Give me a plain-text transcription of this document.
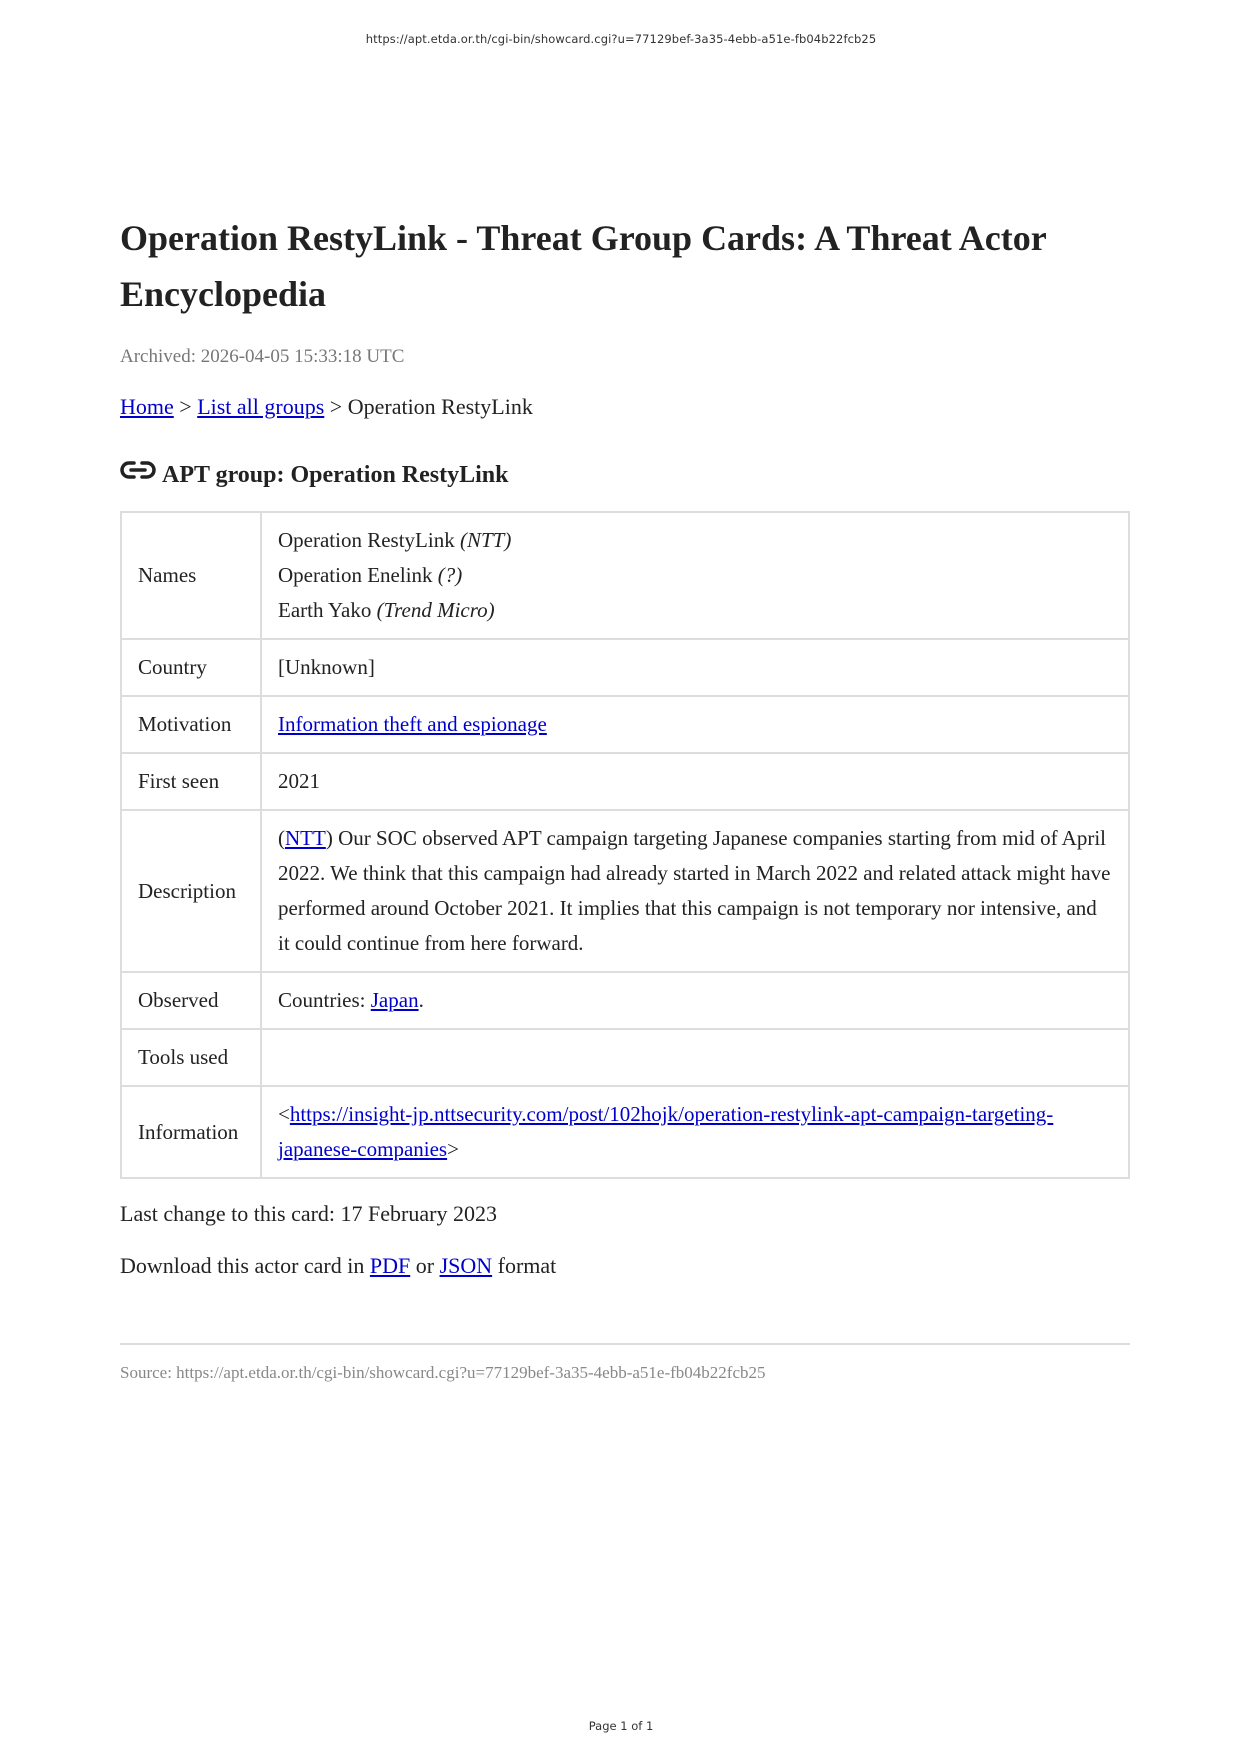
https://apt.etda.or.th/cgi-bin/showcard.cgi?u=77129bef-3a35-4ebb-a51e-fb04b22fcb25
Operation RestyLink - Threat Group Cards: A Threat Actor Encyclopedia
Archived: 2026-04-05 15:33:18 UTC
Home > List all groups > Operation RestyLink
APT group: Operation RestyLink
Names	Operation RestyLink (NTT)
Operation Enelink (?)
Earth Yako (Trend Micro)

Country	[Unknown]
Motivation	Information theft and espionage
First seen	2021
Description	(NTT) Our SOC observed APT campaign targeting Japanese companies starting from mid of April 2022. We think that this campaign had already started in March 2022 and related attack might have performed around October 2021. It implies that this campaign is not temporary nor intensive, and it could continue from here forward.
Observed	Countries: Japan.
Tools used	
Information	<https://insight-jp.nttsecurity.com/post/102hojk/operation-restylink-apt-campaign-targeting-japanese-companies>
Last change to this card: 17 February 2023
Download this actor card in PDF or JSON format
Source: https://apt.etda.or.th/cgi-bin/showcard.cgi?u=77129bef-3a35-4ebb-a51e-fb04b22fcb25
Page 1 of 1
